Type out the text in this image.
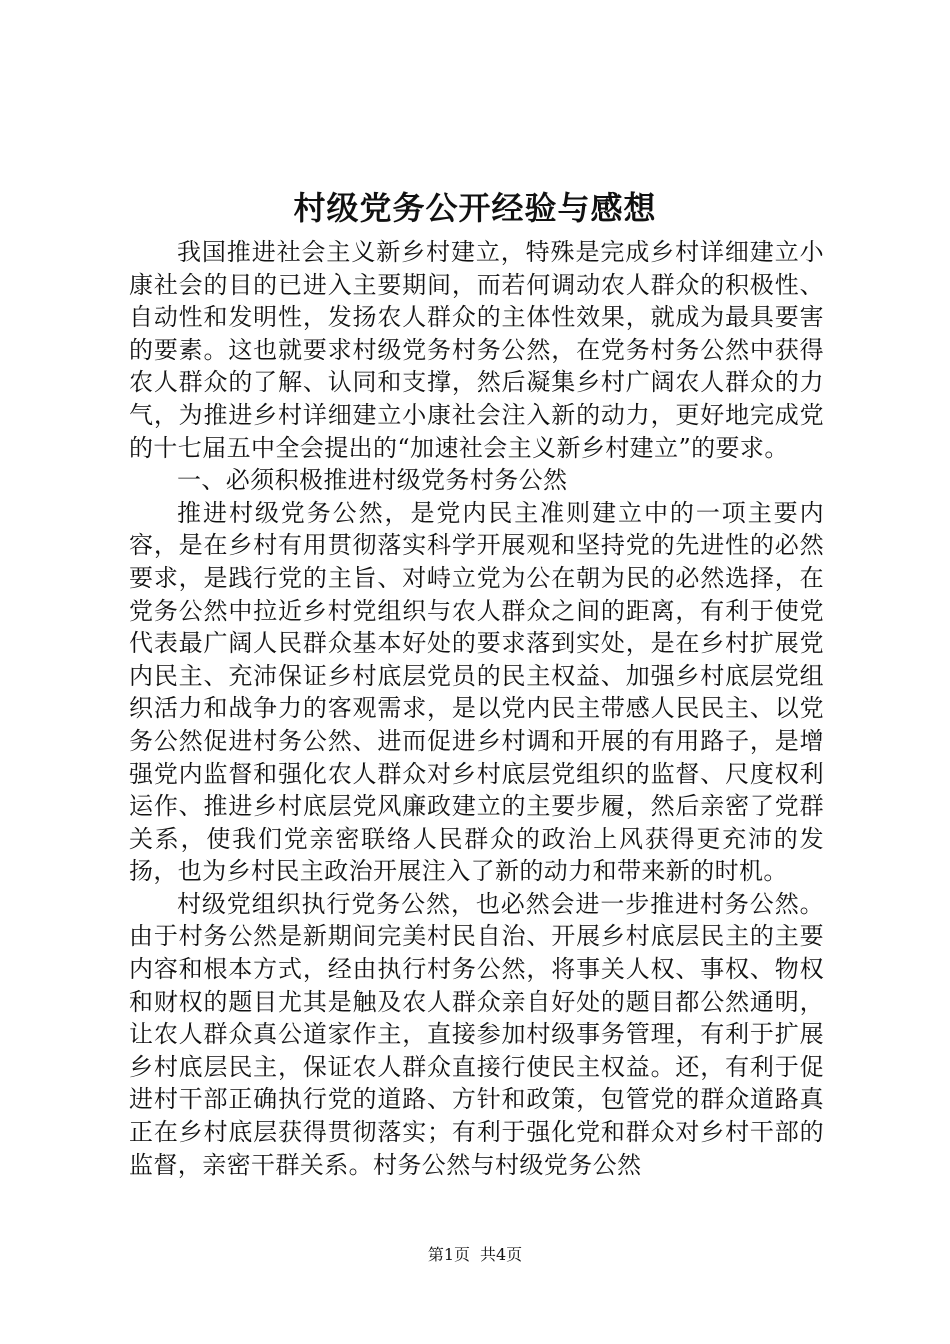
村级党务公开经验与感想

我国推进社会主义新乡村建立，特殊是完成乡村详细建立小康社会的目的已进入主要期间，而若何调动农人群众的积极性、自动性和发明性，发扬农人群众的主体性效果，就成为最具要害的要素。这也就要求村级党务村务公然，在党务村务公然中获得农人群众的了解、认同和支撑，然后凝集乡村广阔农人群众的力气，为推进乡村详细建立小康社会注入新的动力，更好地完成党的十七届五中全会提出的“加速社会主义新乡村建立”的要求。

一、必须积极推进村级党务村务公然

推进村级党务公然，是党内民主准则建立中的一项主要内容，是在乡村有用贯彻落实科学开展观和坚持党的先进性的必然要求，是践行党的主旨、对峙立党为公在朝为民的必然选择，在党务公然中拉近乡村党组织与农人群众之间的距离，有利于使党代表最广阔人民群众基本好处的要求落到实处，是在乡村扩展党内民主、充沛保证乡村底层党员的民主权益、加强乡村底层党组织活力和战争力的客观需求，是以党内民主带感人民民主、以党务公然促进村务公然、进而促进乡村调和开展的有用路子，是增强党内监督和强化农人群众对乡村底层党组织的监督、尺度权利运作、推进乡村底层党风廉政建立的主要步履，然后亲密了党群关系，使我们党亲密联络人民群众的政治上风获得更充沛的发扬，也为乡村民主政治开展注入了新的动力和带来新的时机。

村级党组织执行党务公然，也必然会进一步推进村务公然。由于村务公然是新期间完美村民自治、开展乡村底层民主的主要内容和根本方式，经由执行村务公然，将事关人权、事权、物权和财权的题目尤其是触及农人群众亲自好处的题目都公然通明，让农人群众真公道家作主，直接参加村级事务管理，有利于扩展乡村底层民主，保证农人群众直接行使民主权益。还，有利于促进村干部正确执行党的道路、方针和政策，包管党的群众道路真正在乡村底层获得贯彻落实；有利于强化党和群众对乡村干部的监督，亲密干群关系。村务公然与村级党务公然

第1页 共4页
